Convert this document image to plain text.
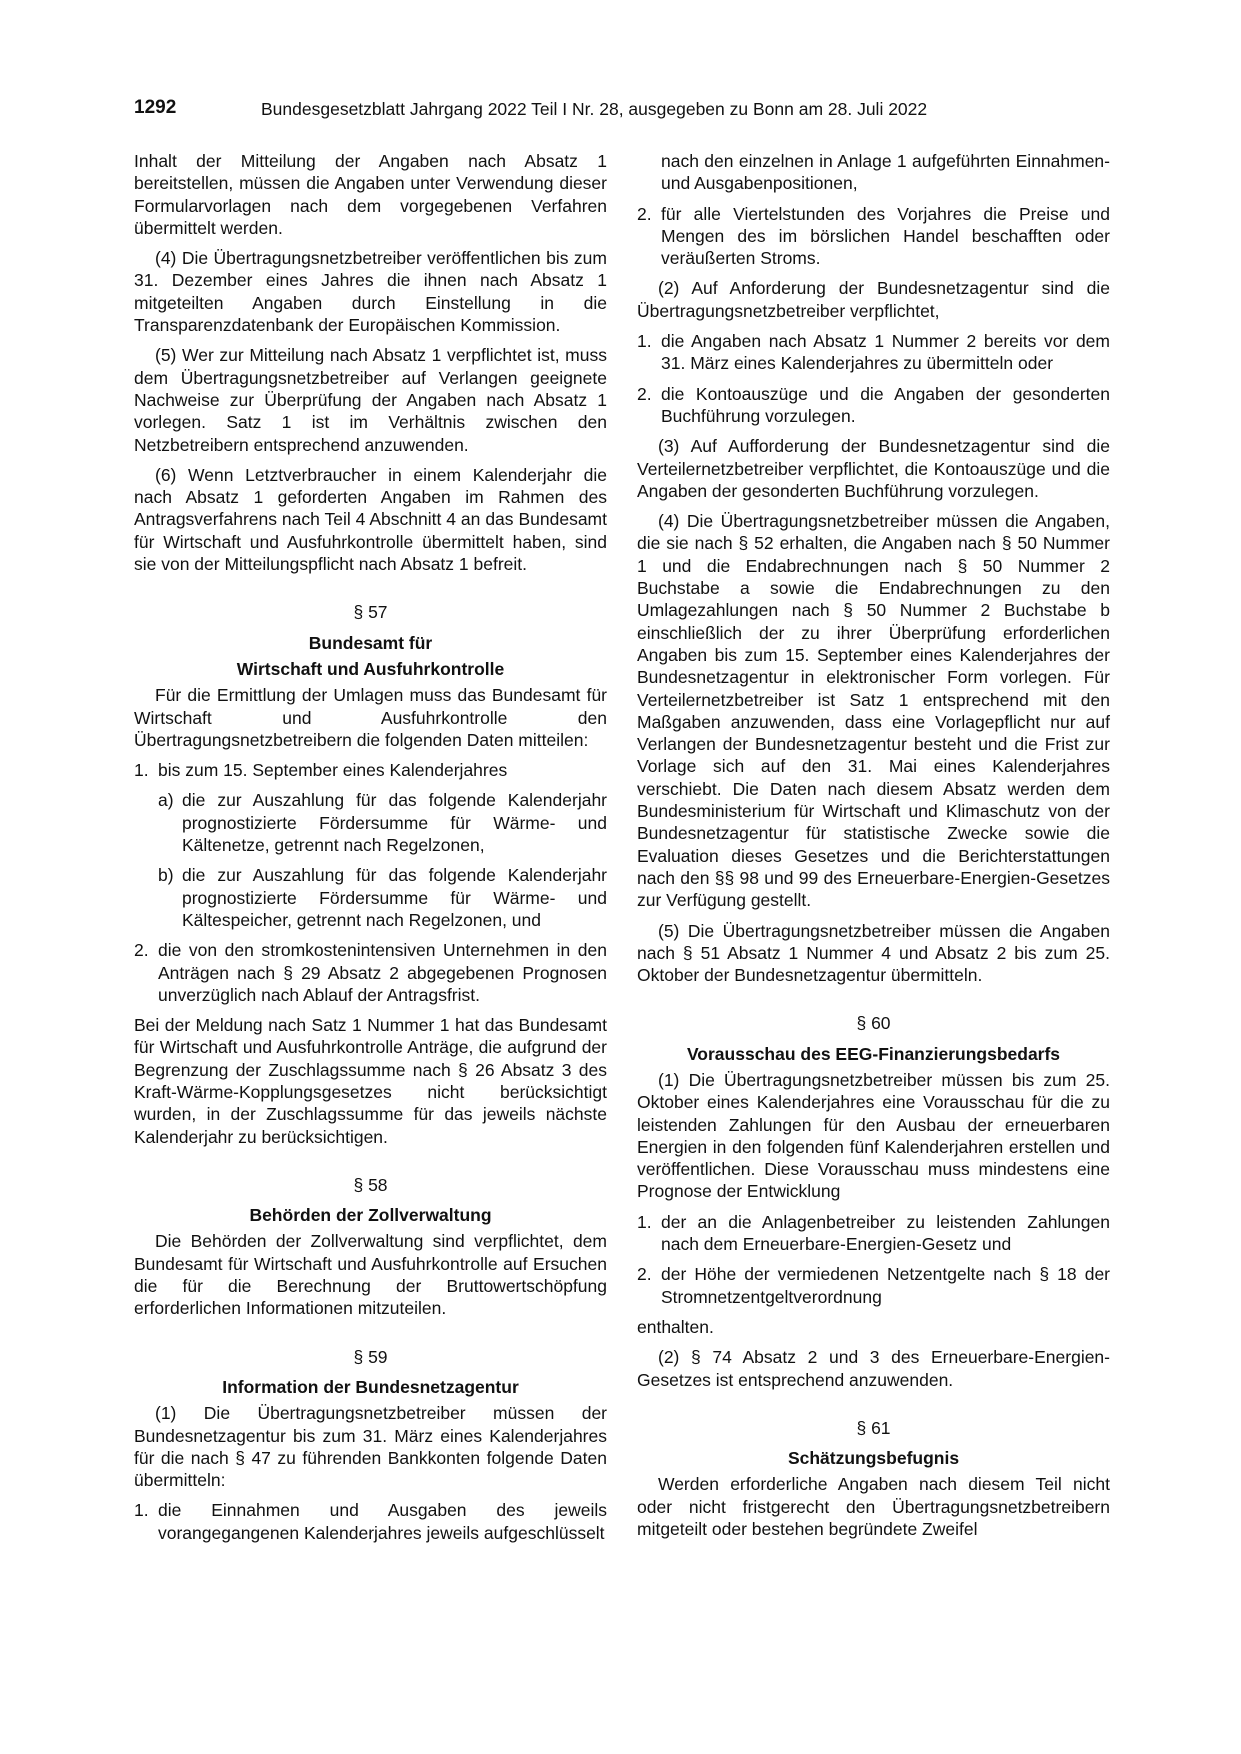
1292	Bundesgesetzblatt Jahrgang 2022 Teil I Nr. 28, ausgegeben zu Bonn am 28. Juli 2022

Inhalt der Mitteilung der Angaben nach Absatz 1 bereitstellen, müssen die Angaben unter Verwendung dieser Formularvorlagen nach dem vorgegebenen Verfahren übermittelt werden.

(4) Die Übertragungsnetzbetreiber veröffentlichen bis zum 31. Dezember eines Jahres die ihnen nach Absatz 1 mitgeteilten Angaben durch Einstellung in die Transparenzdatenbank der Europäischen Kommission.

(5) Wer zur Mitteilung nach Absatz 1 verpflichtet ist, muss dem Übertragungsnetzbetreiber auf Verlangen geeignete Nachweise zur Überprüfung der Angaben nach Absatz 1 vorlegen. Satz 1 ist im Verhältnis zwischen den Netzbetreibern entsprechend anzuwenden.

(6) Wenn Letztverbraucher in einem Kalenderjahr die nach Absatz 1 geforderten Angaben im Rahmen des Antragsverfahrens nach Teil 4 Abschnitt 4 an das Bundesamt für Wirtschaft und Ausfuhrkontrolle übermittelt haben, sind sie von der Mitteilungspflicht nach Absatz 1 befreit.

§ 57
Bundesamt für
Wirtschaft und Ausfuhrkontrolle

Für die Ermittlung der Umlagen muss das Bundesamt für Wirtschaft und Ausfuhrkontrolle den Übertragungsnetzbetreibern die folgenden Daten mitteilen:

1. bis zum 15. September eines Kalenderjahres
a) die zur Auszahlung für das folgende Kalenderjahr prognostizierte Fördersumme für Wärme- und Kältenetze, getrennt nach Regelzonen,
b) die zur Auszahlung für das folgende Kalenderjahr prognostizierte Fördersumme für Wärme- und Kältespeicher, getrennt nach Regelzonen, und
2. die von den stromkostenintensiven Unternehmen in den Anträgen nach § 29 Absatz 2 abgegebenen Prognosen unverzüglich nach Ablauf der Antragsfrist.

Bei der Meldung nach Satz 1 Nummer 1 hat das Bundesamt für Wirtschaft und Ausfuhrkontrolle Anträge, die aufgrund der Begrenzung der Zuschlagssumme nach § 26 Absatz 3 des Kraft-Wärme-Kopplungsgesetzes nicht berücksichtigt wurden, in der Zuschlagssumme für das jeweils nächste Kalenderjahr zu berücksichtigen.

§ 58
Behörden der Zollverwaltung

Die Behörden der Zollverwaltung sind verpflichtet, dem Bundesamt für Wirtschaft und Ausfuhrkontrolle auf Ersuchen die für die Berechnung der Bruttowertschöpfung erforderlichen Informationen mitzuteilen.

§ 59
Information der Bundesnetzagentur

(1) Die Übertragungsnetzbetreiber müssen der Bundesnetzagentur bis zum 31. März eines Kalenderjahres für die nach § 47 zu führenden Bankkonten folgende Daten übermitteln:

1. die Einnahmen und Ausgaben des jeweils vorangegangenen Kalenderjahres jeweils aufgeschlüsselt
nach den einzelnen in Anlage 1 aufgeführten Einnahmen- und Ausgabenpositionen,
2. für alle Viertelstunden des Vorjahres die Preise und Mengen des im börslichen Handel beschafften oder veräußerten Stroms.

(2) Auf Anforderung der Bundesnetzagentur sind die Übertragungsnetzbetreiber verpflichtet,

1. die Angaben nach Absatz 1 Nummer 2 bereits vor dem 31. März eines Kalenderjahres zu übermitteln oder
2. die Kontoauszüge und die Angaben der gesonderten Buchführung vorzulegen.

(3) Auf Aufforderung der Bundesnetzagentur sind die Verteilernetzbetreiber verpflichtet, die Kontoauszüge und die Angaben der gesonderten Buchführung vorzulegen.

(4) Die Übertragungsnetzbetreiber müssen die Angaben, die sie nach § 52 erhalten, die Angaben nach § 50 Nummer 1 und die Endabrechnungen nach § 50 Nummer 2 Buchstabe a sowie die Endabrechnungen zu den Umlagezahlungen nach § 50 Nummer 2 Buchstabe b einschließlich der zu ihrer Überprüfung erforderlichen Angaben bis zum 15. September eines Kalenderjahres der Bundesnetzagentur in elektronischer Form vorlegen. Für Verteilernetzbetreiber ist Satz 1 entsprechend mit den Maßgaben anzuwenden, dass eine Vorlagepflicht nur auf Verlangen der Bundesnetzagentur besteht und die Frist zur Vorlage sich auf den 31. Mai eines Kalenderjahres verschiebt. Die Daten nach diesem Absatz werden dem Bundesministerium für Wirtschaft und Klimaschutz von der Bundesnetzagentur für statistische Zwecke sowie die Evaluation dieses Gesetzes und die Berichterstattungen nach den §§ 98 und 99 des Erneuerbare-Energien-Gesetzes zur Verfügung gestellt.

(5) Die Übertragungsnetzbetreiber müssen die Angaben nach § 51 Absatz 1 Nummer 4 und Absatz 2 bis zum 25. Oktober der Bundesnetzagentur übermitteln.

§ 60
Vorausschau des EEG-Finanzierungsbedarfs

(1) Die Übertragungsnetzbetreiber müssen bis zum 25. Oktober eines Kalenderjahres eine Vorausschau für die zu leistenden Zahlungen für den Ausbau der erneuerbaren Energien in den folgenden fünf Kalenderjahren erstellen und veröffentlichen. Diese Vorausschau muss mindestens eine Prognose der Entwicklung

1. der an die Anlagenbetreiber zu leistenden Zahlungen nach dem Erneuerbare-Energien-Gesetz und
2. der Höhe der vermiedenen Netzentgelte nach § 18 der Stromnetzentgeltverordnung

enthalten.

(2) § 74 Absatz 2 und 3 des Erneuerbare-Energien-Gesetzes ist entsprechend anzuwenden.

§ 61
Schätzungsbefugnis

Werden erforderliche Angaben nach diesem Teil nicht oder nicht fristgerecht den Übertragungsnetzbetreibern mitgeteilt oder bestehen begründete Zweifel
